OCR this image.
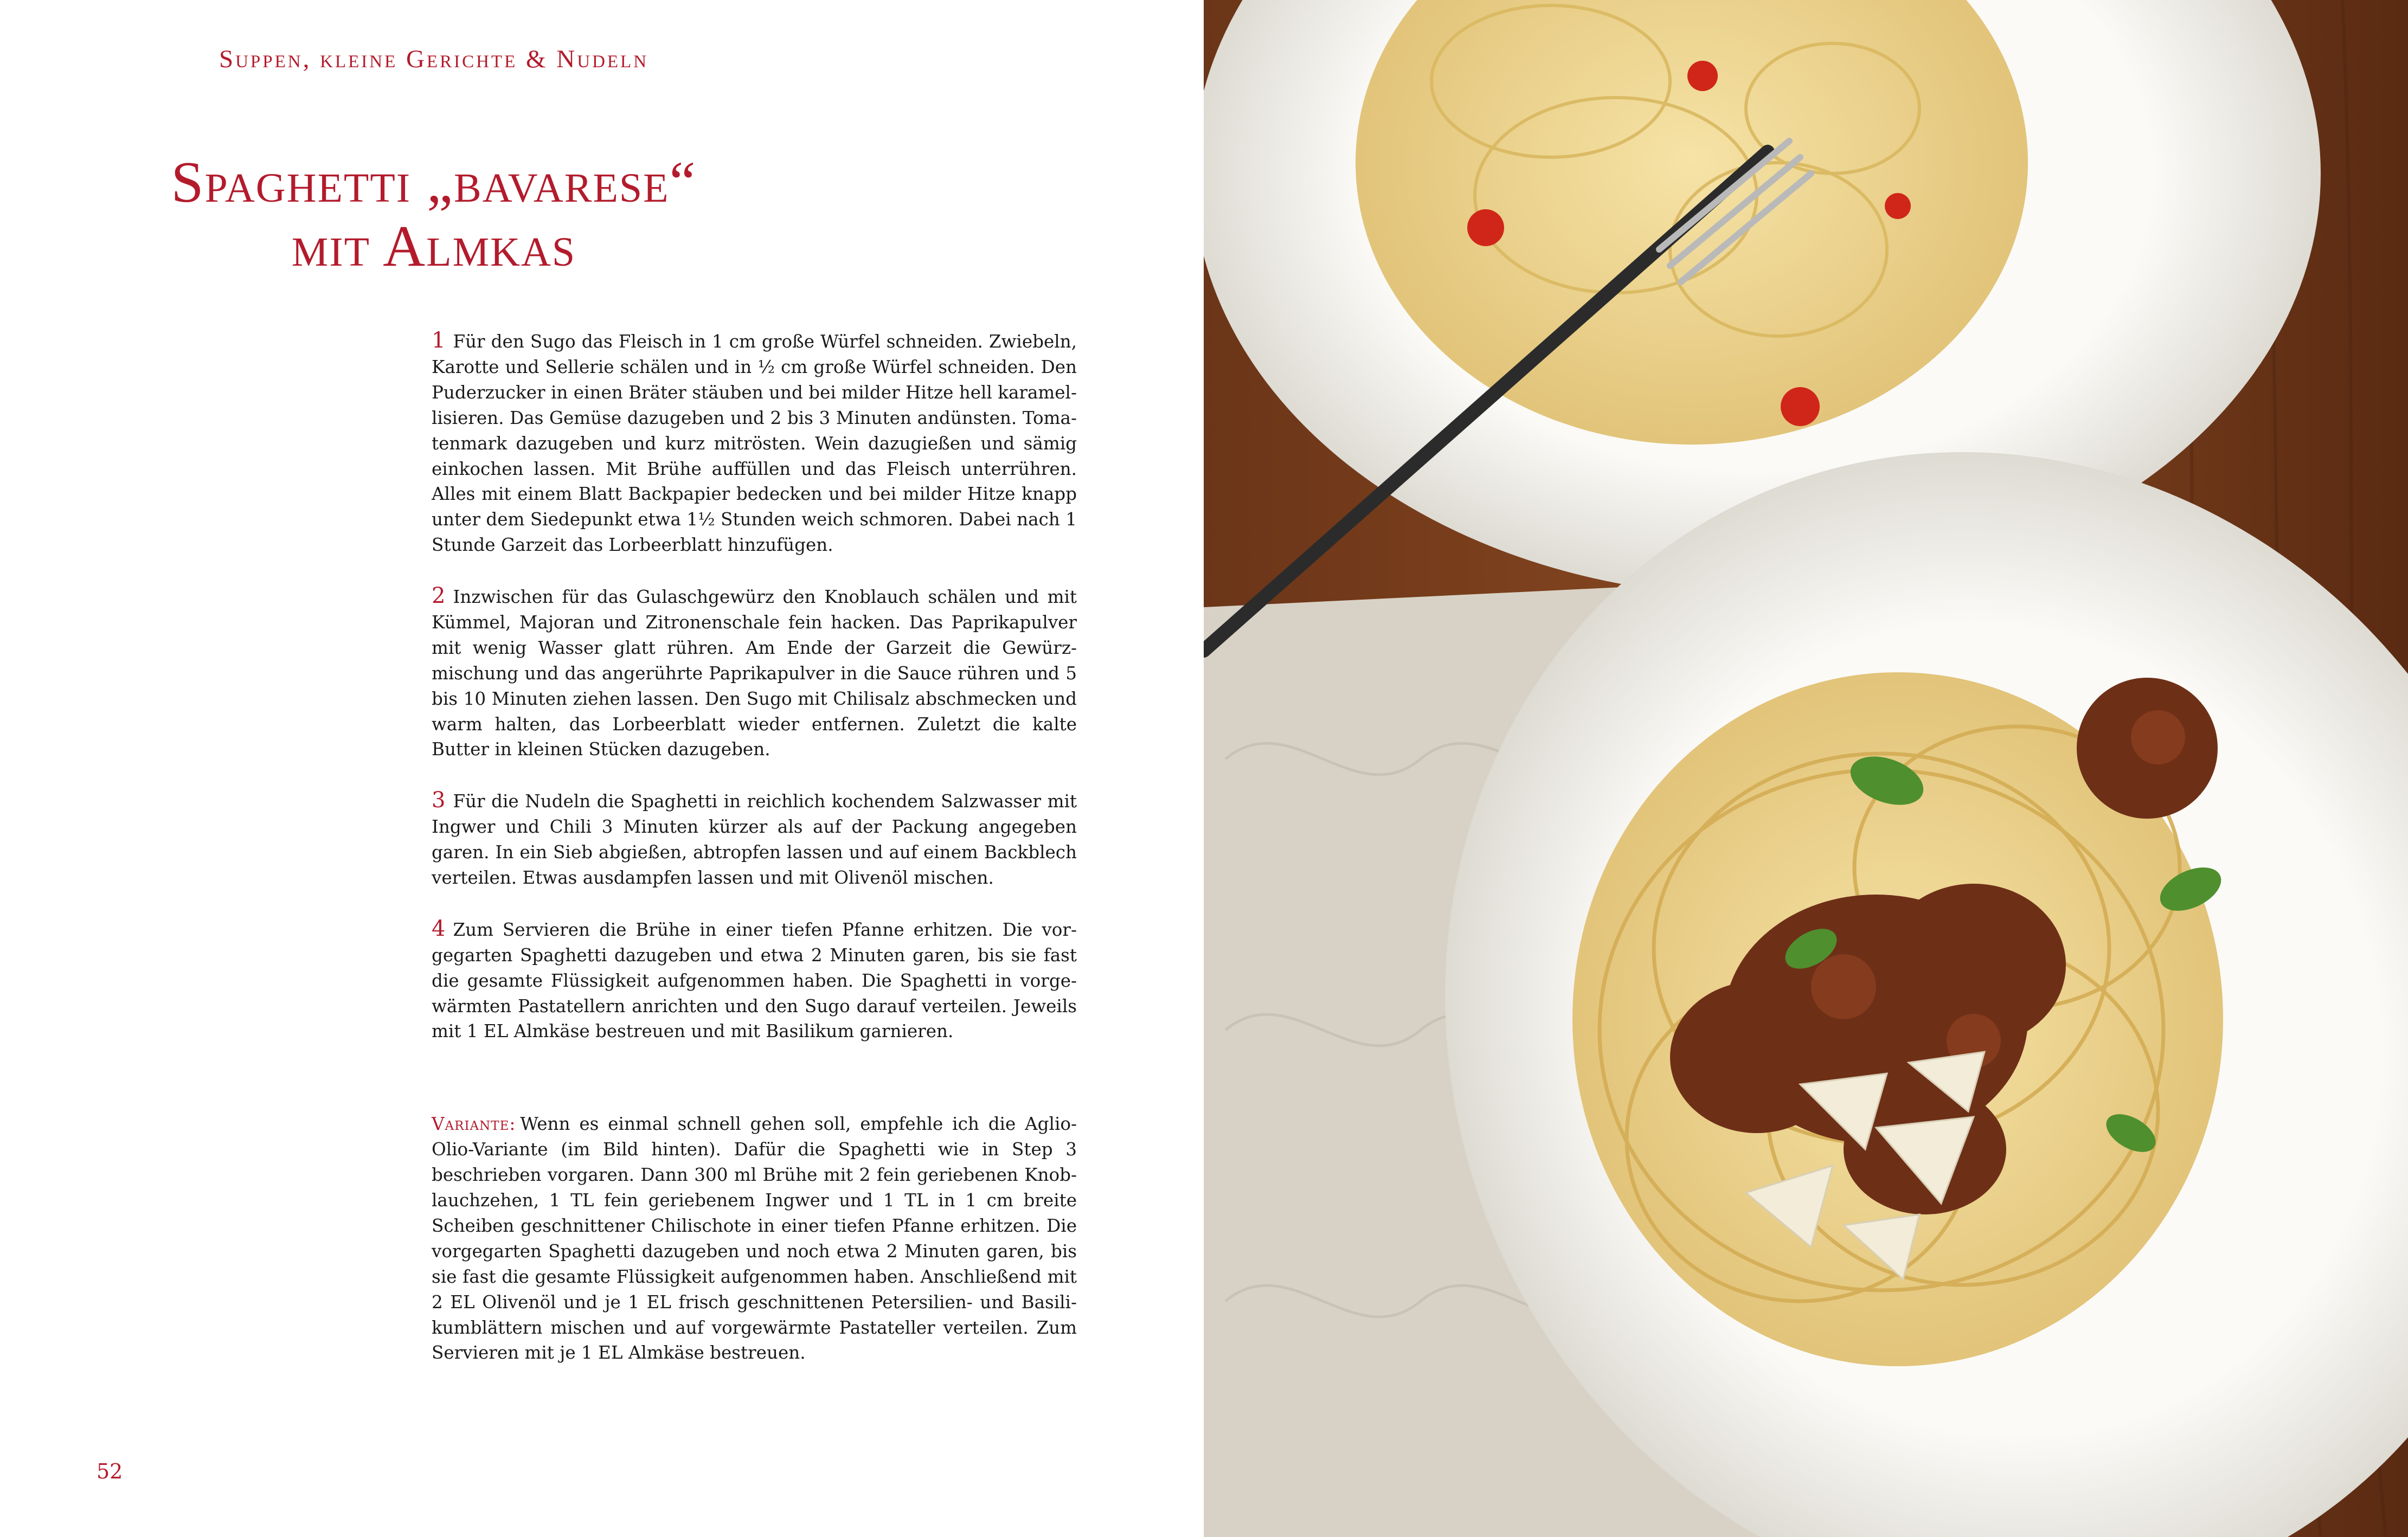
Suppen, kleine Gerichte & Nudeln
Spaghetti „bavarese“
mit Almkas

1 Für den Sugo das Fleisch in 1 cm große Würfel schneiden. Zwiebeln, Karotte und Sellerie schälen und in ½ cm große Würfel schneiden. Den Puderzucker in einen Bräter stäuben und bei milder Hitze hell karamellisieren. Das Gemüse dazugeben und 2 bis 3 Minuten andünsten. Tomatenmark dazugeben und kurz mitrösten. Wein dazugießen und sämig einkochen lassen. Mit Brühe auffüllen und das Fleisch unterrühren. Alles mit einem Blatt Backpapier bedecken und bei milder Hitze knapp unter dem Siedepunkt etwa 1½ Stunden weich schmoren. Dabei nach 1 Stunde Garzeit das Lorbeerblatt hinzufügen.

2 Inzwischen für das Gulaschgewürz den Knoblauch schälen und mit Kümmel, Majoran und Zitronenschale fein hacken. Das Paprikapulver mit wenig Wasser glatt rühren. Am Ende der Garzeit die Gewürzmischung und das angerührte Paprikapulver in die Sauce rühren und 5 bis 10 Minuten ziehen lassen. Den Sugo mit Chilisalz abschmecken und warm halten, das Lorbeerblatt wieder entfernen. Zuletzt die kalte Butter in kleinen Stücken dazugeben.

3 Für die Nudeln die Spaghetti in reichlich kochendem Salzwasser mit Ingwer und Chili 3 Minuten kürzer als auf der Packung angegeben garen. In ein Sieb abgießen, abtropfen lassen und auf einem Backblech verteilen. Etwas ausdampfen lassen und mit Olivenöl mischen.

4 Zum Servieren die Brühe in einer tiefen Pfanne erhitzen. Die vorgegarten Spaghetti dazugeben und etwa 2 Minuten garen, bis sie fast die gesamte Flüssigkeit aufgenommen haben. Die Spaghetti in vorgewärmten Pastatellern anrichten und den Sugo darauf verteilen. Jeweils mit 1 EL Almkäse bestreuen und mit Basilikum garnieren.

Variante: Wenn es einmal schnell gehen soll, empfehle ich die Aglio-Olio-Variante (im Bild hinten). Dafür die Spaghetti wie in Step 3 beschrieben vorgaren. Dann 300 ml Brühe mit 2 fein geriebenen Knoblauchzehen, 1 TL fein geriebenem Ingwer und 1 TL in 1 cm breite Scheiben geschnittener Chilischote in einer tiefen Pfanne erhitzen. Die vorgegarten Spaghetti dazugeben und noch etwa 2 Minuten garen, bis sie fast die gesamte Flüssigkeit aufgenommen haben. Anschließend mit 2 EL Olivenöl und je 1 EL frisch geschnittenen Petersilien- und Basilikumblättern mischen und auf vorgewärmte Pastateller verteilen. Zum Servieren mit je 1 EL Almkäse bestreuen.

52
